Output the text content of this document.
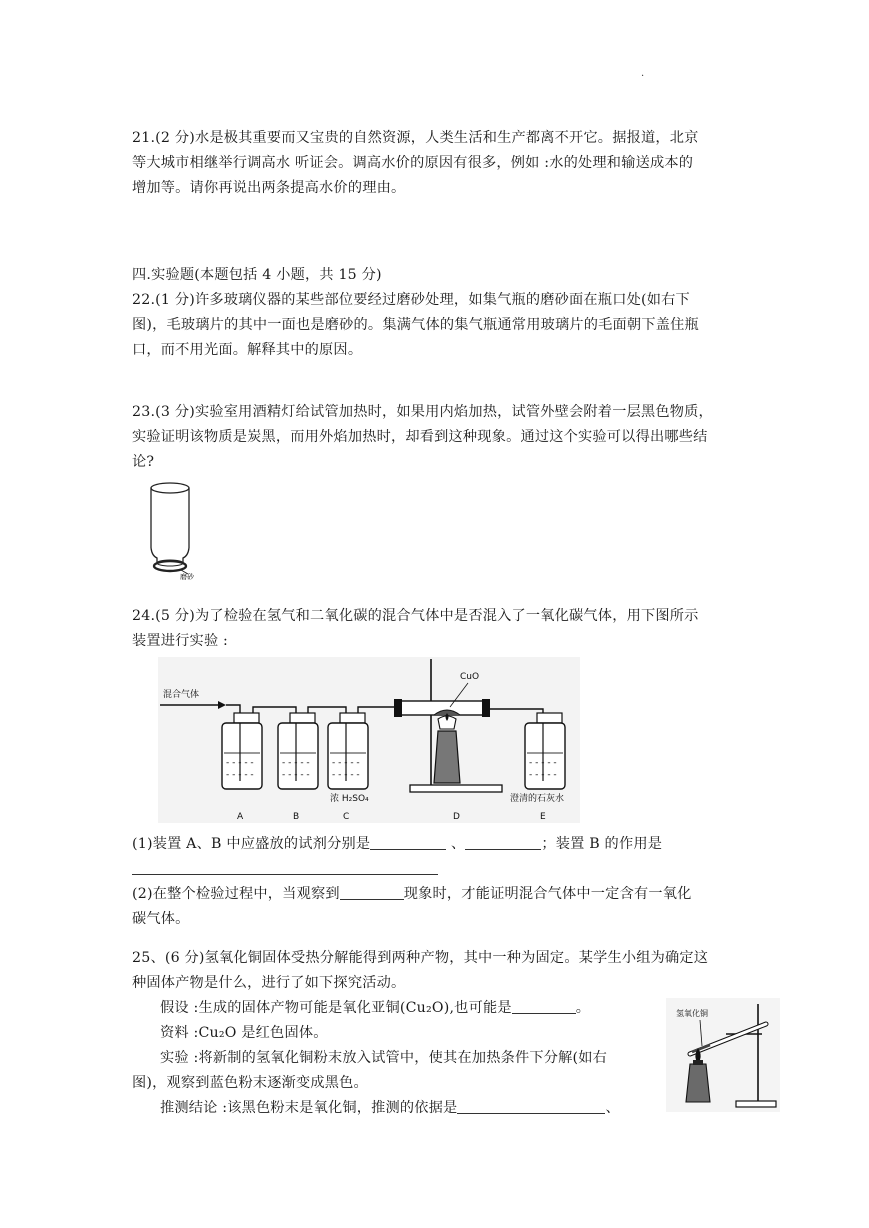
.

21.(2 分)水是极其重要而又宝贵的自然资源，人类生活和生产都离不开它。据报道，北京

等大城市相继举行调高水 听证会。调高水价的原因有很多，例如 :水的处理和输送成本的

增加等。请你再说出两条提高水价的理由。

四.实验题(本题包括 4 小题，共 15 分)

22.(1 分)许多玻璃仪器的某些部位要经过磨砂处理，如集气瓶的磨砂面在瓶口处(如右下

图)，毛玻璃片的其中一面也是磨砂的。集满气体的集气瓶通常用玻璃片的毛面朝下盖住瓶

口，而不用光面。解释其中的原因。

23.(3 分)实验室用酒精灯给试管加热时，如果用内焰加热，试管外壁会附着一层黑色物质，

实验证明该物质是炭黑，而用外焰加热时，却看到这种现象。通过这个实验可以得出哪些结

论?

磨砂

24.(5 分)为了检验在氢气和二氧化碳的混合气体中是否混入了一氧化碳气体，用下图所示

装置进行实验 :

混合气体
- - - - -
- - - - -
- - - - -
- - - - -
- - - - -
- - - - -
浓 H₂SO₄
CuO
- - - - -
- - - - -
澄清的石灰水
A	B	C	D	E

(1)装置 A、B 中应盛放的试剂分别是	、	；装置 B 的作用是

(2)在整个检验过程中，当观察到	现象时，才能证明混合气体中一定含有一氧化

碳气体。

25、(6 分)氢氧化铜固体受热分解能得到两种产物，其中一种为固定。某学生小组为确定这

种固体产物是什么，进行了如下探究活动。

假设 :生成的固体产物可能是氧化亚铜(Cu₂O),也可能是	。

资料 :Cu₂O 是红色固体。

实验 :将新制的氢氧化铜粉末放入试管中，使其在加热条件下分解(如右

图)，观察到蓝色粉末逐渐变成黑色。

推测结论 :该黑色粉末是氧化铜，推测的依据是	、

氢氧化铜
